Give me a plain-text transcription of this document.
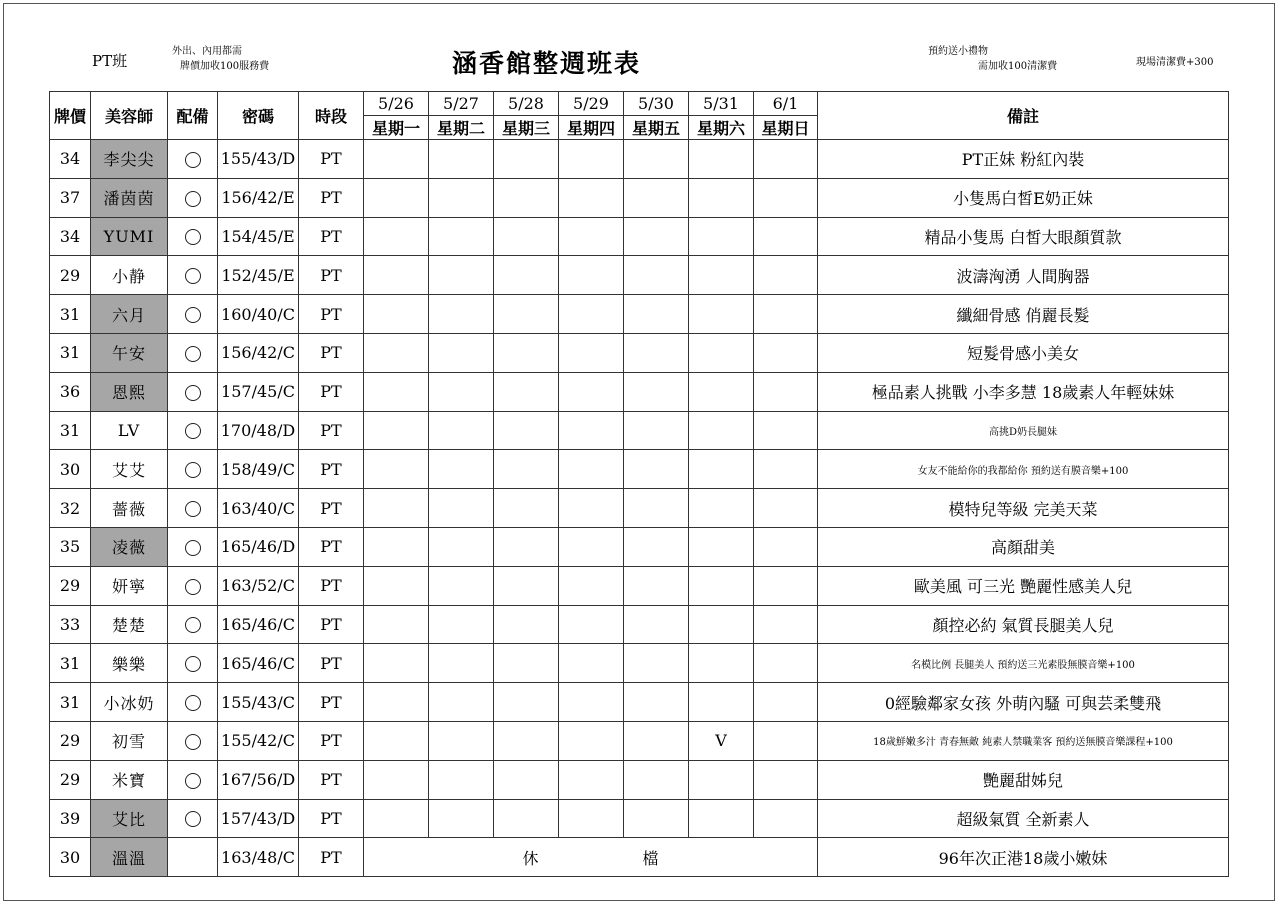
PT班
外出、內用都需
牌價加收100服務費	涵香館整週班表	預約送小禮物
需加收100清潔費	現場清潔費+300
牌價	美容師	配備	密碼	時段	5/26	5/27	5/28	5/29	5/30	5/31	6/1	備註
					星期一	星期二	星期三	星期四	星期五	星期六	星期日	
34	李尖尖		155/43/D	PT								PT正妹 粉紅內裝
37	潘茵茵		156/42/E	PT								小隻馬白皙E奶正妹
34	YUMI		154/45/E	PT								精品小隻馬 白皙大眼顏質款
29	小静		152/45/E	PT								波濤洶湧 人間胸器
31	六月		160/40/C	PT								纖細骨感 俏麗長髮
31	午安		156/42/C	PT								短髮骨感小美女
36	恩熙		157/45/C	PT								極品素人挑戰 小李多慧 18歲素人年輕妹妹
31	LV		170/48/D	PT								高挑D奶長腿妹
30	艾艾		158/49/C	PT								女友不能給你的我都給你 預約送有膜音樂+100
32	薔薇		163/40/C	PT								模特兒等級 完美天菜
35	凌薇		165/46/D	PT								高顏甜美
29	妍寧		163/52/C	PT								歐美風 可三光 艷麗性感美人兒
33	楚楚		165/46/C	PT								顏控必約 氣質長腿美人兒
31	樂樂		165/46/C	PT								名模比例 長腿美人 預約送三光素股無膜音樂+100
31	小冰奶		155/43/C	PT								0經驗鄰家女孩 外萌內騷 可與芸柔雙飛
29	初雪		155/42/C	PT						V		18歲鮮嫩多汁 青春無敵 純素人禁職業客 預約送無膜音樂課程+100
29	米寶		167/56/D	PT								艷麗甜姊兒
39	艾比		157/43/D	PT								超級氣質 全新素人
30	溫溫		163/48/C	PT	休 檔							96年次正港18歲小嫩妹
